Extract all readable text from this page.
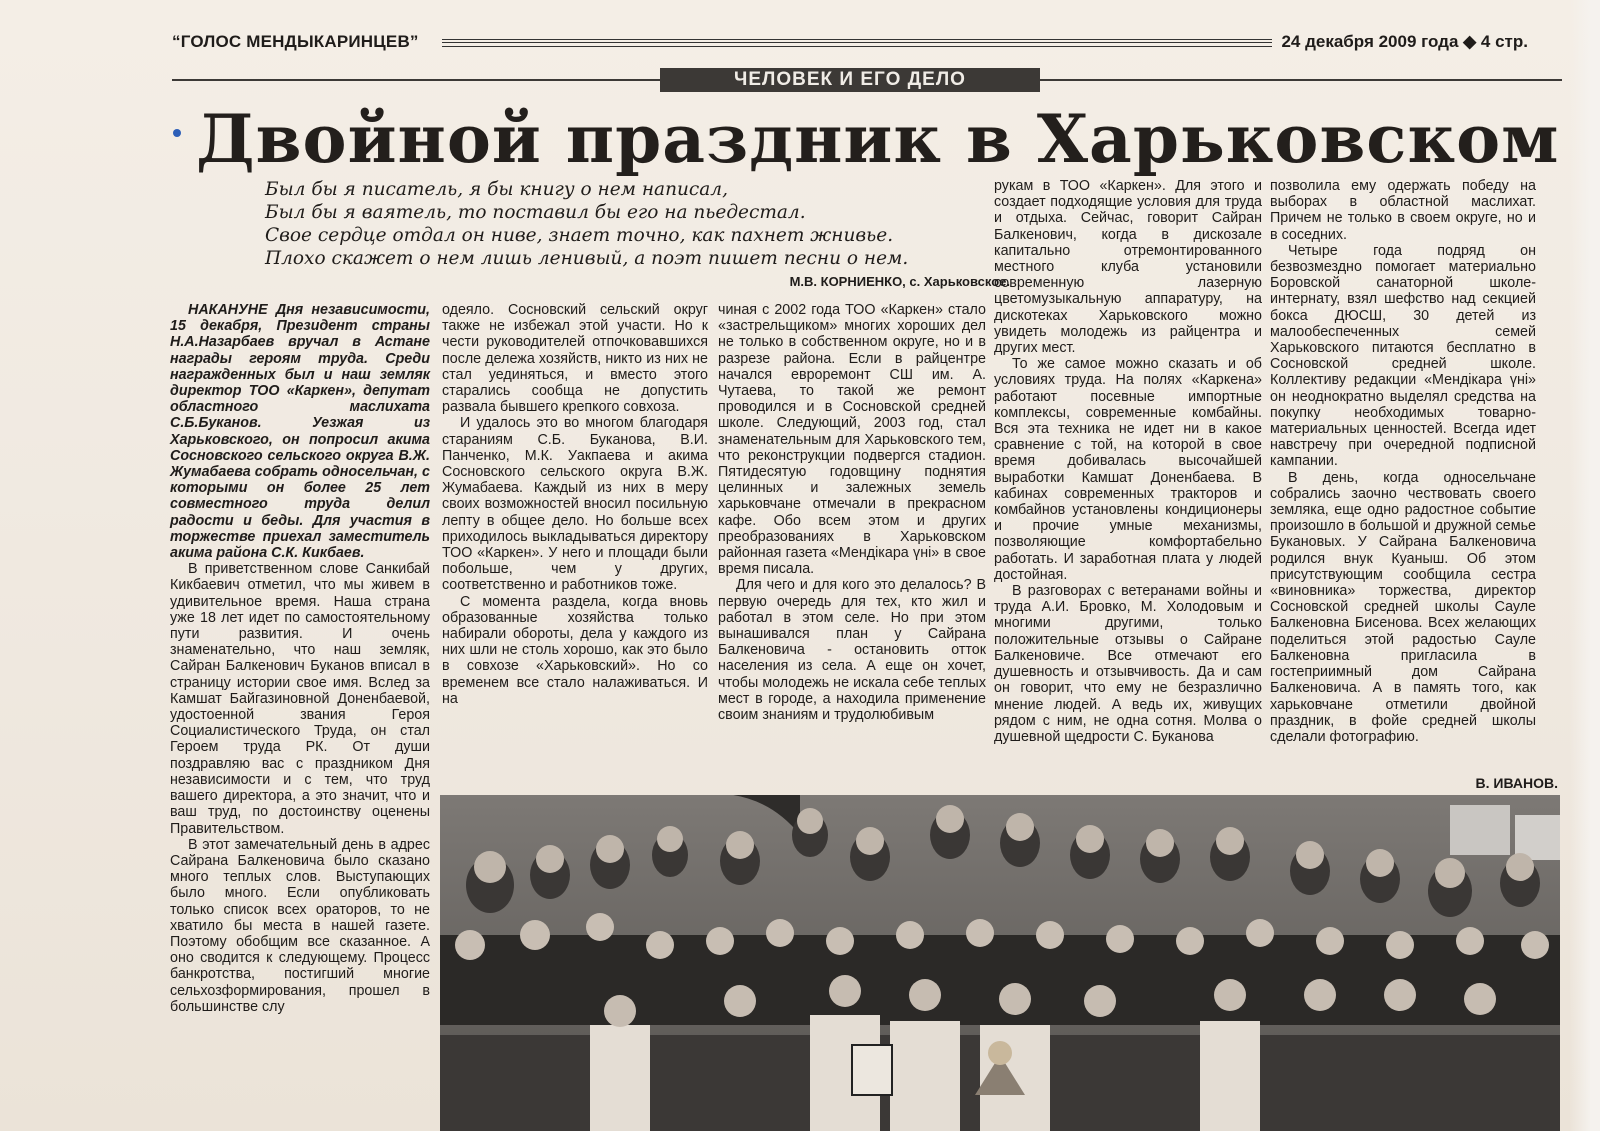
“ГОЛОС МЕНДЫКАРИНЦЕВ”	24 декабря 2009 года ◆ 4 стр.
ЧЕЛОВЕК И ЕГО ДЕЛО
Двойной праздник в Харьковском

Был бы я писатель, я бы книгу о нем написал,

Был бы я ваятель, то поставил бы его на пьедестал.

Свое сердце отдал он ниве, знает точно, как пахнет жнивье.

Плохо скажет о нем лишь ленивый, а поэт пишет песни о нем.

М.В. КОРНИЕНКО, с. Харьковское.

НАКАНУНЕ Дня независимости, 15 декабря, Президент страны Н.А.Назарбаев вручал в Астане награды героям труда. Среди награжденных был и наш земляк директор ТОО «Каркен», депутат областного маслихата С.Б.Буканов. Уезжая из Харьковского, он попросил акима Сосновского сельского округа В.Ж. Жумабаева собрать односельчан, с которыми он более 25 лет совместного труда делил радости и беды. Для участия в торжестве приехал заместитель акима района С.К. Кикбаев.

В приветственном слове Санкибай Кикбаевич отметил, что мы живем в удивительное время. Наша страна уже 18 лет идет по самостоятельному пути развития. И очень знаменательно, что наш земляк, Сайран Балкенович Буканов вписал в страницу истории свое имя. Вслед за Камшат Байгазиновной Доненбаевой, удостоенной звания Героя Социалистического Труда, он стал Героем труда РК. От души поздравляю вас с праздником Дня независимости и с тем, что труд вашего директора, а это значит, что и ваш труд, по достоинству оценены Правительством.

В этот замечательный день в адрес Сайрана Балкеновича было сказано много теплых слов. Выступающих было много. Если опубликовать только список всех ораторов, то не хватило бы места в нашей газете. Поэтому обобщим все сказанное. А оно сводится к следующему. Процесс банкротства, постигший многие сельхозформирования, прошел в большинстве слу

одеяло. Сосновский сельский округ также не избежал этой участи. Но к чести руководителей отпочковавшихся после дележа хозяйств, никто из них не стал уединяться, и вместо этого старались сообща не допустить развала бывшего крепкого совхоза.

И удалось это во многом благодаря стараниям С.Б. Буканова, В.И. Панченко, М.К. Уакпаева и акима Сосновского сельского округа В.Ж. Жумабаева. Каждый из них в меру своих возможностей вносил посильную лепту в общее дело. Но больше всех приходилось выкладываться директору ТОО «Каркен». У него и площади были побольше, чем у других, соответственно и работников тоже.

С момента раздела, когда вновь образованные хозяйства только набирали обороты, дела у каждого из них шли не столь хорошо, как это было в совхозе «Харьковский». Но со временем все стало налаживаться. И на

чиная с 2002 года ТОО «Каркен» стало «застрельщиком» многих хороших дел не только в собственном округе, но и в разрезе района. Если в райцентре начался евроремонт СШ им. А. Чутаева, то такой же ремонт проводился и в Сосновской средней школе. Следующий, 2003 год, стал знаменательным для Харьковского тем, что реконструкции подвергся стадион. Пятидесятую годовщину поднятия целинных и залежных земель харьковчане отмечали в прекрасном кафе. Обо всем этом и других преобразованиях в Харьковском районная газета «Мендiкара үнi» в свое время писала.

Для чего и для кого это делалось? В первую очередь для тех, кто жил и работал в этом селе. Но при этом вынашивался план у Сайрана Балкеновича - остановить отток населения из села. А еще он хочет, чтобы молодежь не искала себе теплых мест в городе, а находила применение своим знаниям и трудолюбивым

рукам в ТОО «Каркен». Для этого и создает подходящие условия для труда и отдыха. Сейчас, говорит Сайран Балкенович, когда в дискозале капитально отремонтированного местного клуба установили современную лазерную цветомузыкальную аппаратуру, на дискотеках Харьковского можно увидеть молодежь из райцентра и других мест.

То же самое можно сказать и об условиях труда. На полях «Каркена» работают посевные импортные комплексы, современные комбайны. Вся эта техника не идет ни в какое сравнение с той, на которой в свое время добивалась высочайшей выработки Камшат Доненбаева. В кабинах современных тракторов и комбайнов установлены кондиционеры и прочие умные механизмы, позволяющие комфортабельно работать. И заработная плата у людей достойная.

В разговорах с ветеранами войны и труда А.И. Бровко, М. Холодовым и многими другими, только положительные отзывы о Сайране Балкеновиче. Все отмечают его душевность и отзывчивость. Да и сам он говорит, что ему не безразлично мнение людей. А ведь их, живущих рядом с ним, не одна сотня. Молва о душевной щедрости С. Буканова

позволила ему одержать победу на выборах в областной маслихат. Причем не только в своем округе, но и в соседних.

Четыре года подряд он безвозмездно помогает материально Боровской санаторной школе-интернату, взял шефство над секцией бокса ДЮСШ, 30 детей из малообеспеченных семей Харьковского питаются бесплатно в Сосновской средней школе. Коллективу редакции «Мендiкара үнi» он неоднократно выделял средства на покупку необходимых товарно-материальных ценностей. Всегда идет навстречу при очередной подписной кампании.

В день, когда односельчане собрались заочно чествовать своего земляка, еще одно радостное событие произошло в большой и дружной семье Букановых. У Сайрана Балкеновича родился внук Куаныш. Об этом присутствующим сообщила сестра «виновника» торжества, директор Сосновской средней школы Сауле Балкеновна Бисенова. Всех желающих поделиться этой радостью Сауле Балкеновна пригласила в гостеприимный дом Сайрана Балкеновича. А в память того, как харьковчане отметили двойной праздник, в фойе средней школы сделали фотографию.

В. ИВАНОВ.
